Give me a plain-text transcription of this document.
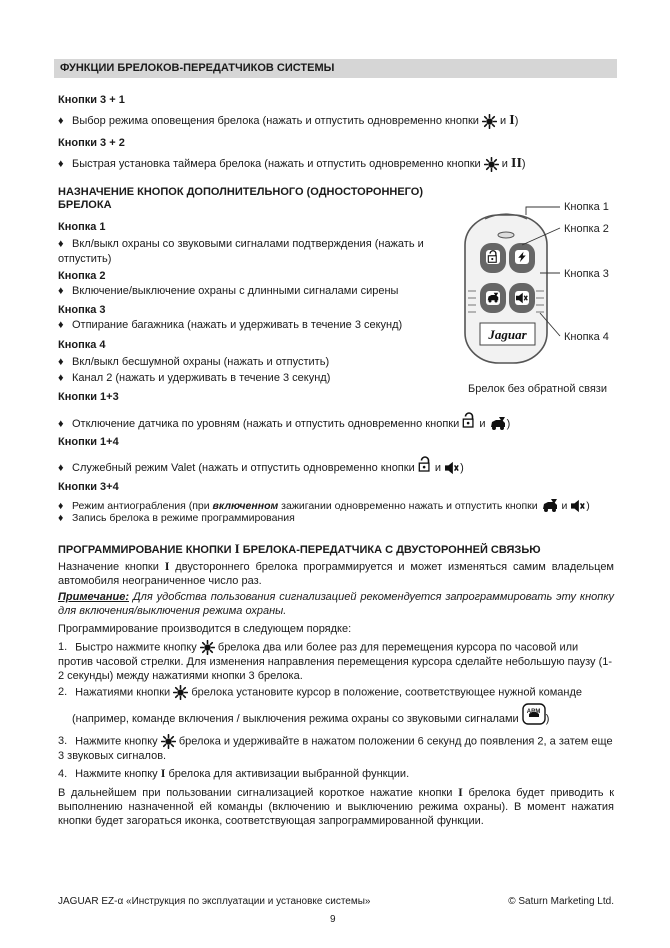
ФУНКЦИИ БРЕЛОКОВ-ПЕРЕДАТЧИКОВ СИСТЕМЫ
Кнопки 3 + 1
♦ Выбор режима оповещения брелока (нажать и отпустить одновременно кнопки и I)
Кнопки 3 + 2
♦ Быстрая установка таймера брелока (нажать и отпустить одновременно кнопки и II)
НАЗНАЧЕНИЕ КНОПОК ДОПОЛНИТЕЛЬНОГО (ОДНОСТОРОННЕГО)
БРЕЛОКА
Jaguar
Кнопка 1
Кнопка 2
Кнопка 3
Кнопка 4
Брелок без обратной связи
Кнопка 1
♦ Вкл/выкл охраны со звуковыми сигналами подтверждения (нажать и отпустить)
Кнопка 2
♦ Включение/выключение охраны с длинными сигналами сирены
Кнопка 3
♦ Отпирание багажника (нажать и удерживать в течение 3 секунд)
Кнопка 4
♦ Вкл/выкл бесшумной охраны (нажать и отпустить)
♦ Канал 2 (нажать и удерживать в течение 3 секунд)
Кнопки 1+3
♦ Отключение датчика по уровням (нажать и отпустить одновременно кнопки и )
Кнопки 1+4
♦ Служебный режим Valet (нажать и отпустить одновременно кнопки и )
Кнопки 3+4
♦ Режим антиограбления (при включенном зажигании одновременно нажать и отпустить кнопки и )
♦ Запись брелока в режиме программирования
ПРОГРАММИРОВАНИЕ КНОПКИ I БРЕЛОКА-ПЕРЕДАТЧИКА С ДВУСТОРОННЕЙ СВЯЗЬЮ
Назначение кнопки I двустороннего брелока программируется и может изменяться самим владельцем автомобиля неограниченное число раз.
Примечание: Для удобства пользования сигнализацией рекомендуется запрограммировать эту кнопку для включения/выключения режима охраны.
Программирование производится в следующем порядке:
1. Быстро нажмите кнопку брелока два или более раз для перемещения курсора по часовой или против часовой стрелки. Для изменения направления перемещения курсора сделайте небольшую паузу (1-2 секунды) между нажатиями кнопки 3 брелока.
2. Нажатиями кнопки брелока установите курсор в положение, соответствующее нужной команде
(например, команде включения / выключения режима охраны со звуковыми сигналами
ARM
)
3. Нажмите кнопку брелока и удерживайте в нажатом положении 6 секунд до появления 2, а затем еще 3 звуковых сигналов.
4. Нажмите кнопку I брелока для активизации выбранной функции.
В дальнейшем при пользовании сигнализацией короткое нажатие кнопки I брелока будет приводить к выполнению назначенной ей команды (включению и выключению режима охраны). В момент нажатия кнопки будет загораться иконка, соответствующая запрограммированной функции.
JAGUAR EZ-α «Инструкция по эксплуатации и установке системы»	© Saturn Marketing Ltd.
9
